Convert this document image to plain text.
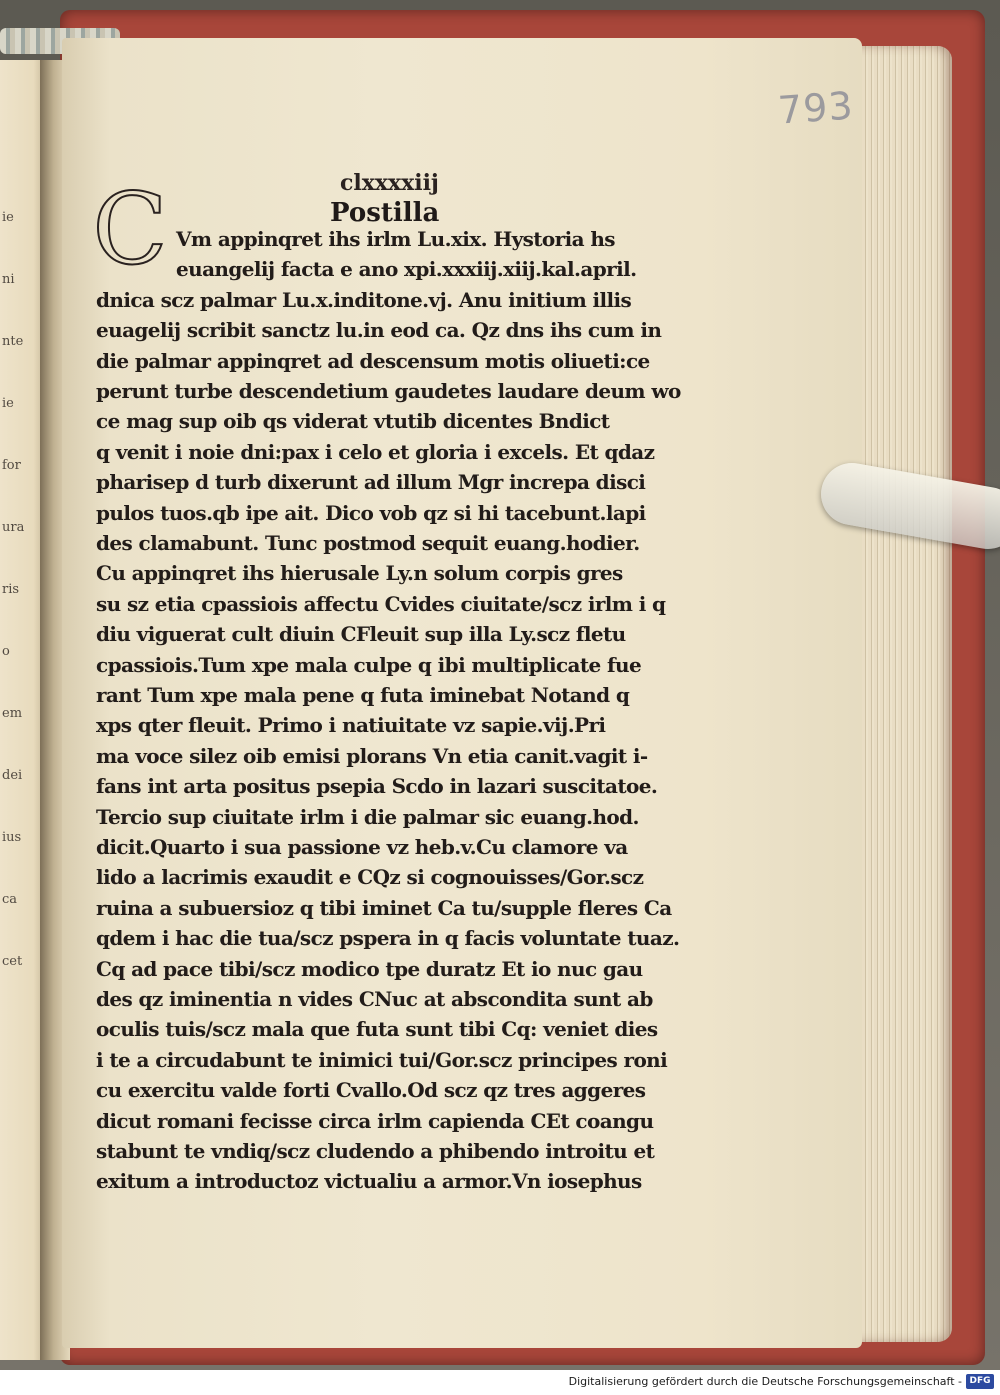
ie
ni
nte
ie
for
ura
ris
o
em
dei
ius
ca
cet
793
clxxxxiij
Postilla
C Vm appinqret ihs irlm Lu.xix. Hystoria hs
euangelij facta e ano xpi.xxxiij.xiij.kal.april.
dnica scz palmar Lu.x.inditone.vj. Anu initium illis
euagelij scribit sanctz lu.in eod ca. Qz dns ihs cum in
die palmar appinqret ad descensum motis oliueti:ce
perunt turbe descendetium gaudetes laudare deum wo
ce mag sup oib qs viderat vtutib dicentes Bndict
q venit i noie dni:pax i celo et gloria i excels. Et qdaz
pharisep d turb dixerunt ad illum Mgr increpa disci
pulos tuos.qb ipe ait. Dico vob qz si hi tacebunt.lapi
des clamabunt. Tunc postmod sequit euang.hodier.
Cu appinqret ihs hierusale Ly.n solum corpis gres
su sz etia cpassiois affectu Cvides ciuitate/scz irlm i q
diu viguerat cult diuin CFleuit sup illa Ly.scz fletu
cpassiois.Tum xpe mala culpe q ibi multiplicate fue
rant Tum xpe mala pene q futa iminebat Notand q
xps qter fleuit. Primo i natiuitate vz sapie.vij.Pri
ma voce silez oib emisi plorans Vn etia canit.vagit i-
fans int arta positus psepia Scdo in lazari suscitatoe.
Tercio sup ciuitate irlm i die palmar sic euang.hod.
dicit.Quarto i sua passione vz heb.v.Cu clamore va
lido a lacrimis exaudit e CQz si cognouisses/Gor.scz
ruina a subuersioz q tibi iminet Ca tu/supple fleres Ca
qdem i hac die tua/scz pspera in q facis voluntate tuaz.
Cq ad pace tibi/scz modico tpe duratz Et io nuc gau
des qz iminentia n vides CNuc at abscondita sunt ab
oculis tuis/scz mala que futa sunt tibi Cq: veniet dies
i te a circudabunt te inimici tui/Gor.scz principes roni
cu exercitu valde forti Cvallo.Od scz qz tres aggeres
dicut romani fecisse circa irlm capienda CEt coangu
stabunt te vndiq/scz cludendo a phibendo introitu et
exitum a introductoz victualiu a armor.Vn iosephus
Digitalisierung gefördert durch die Deutsche Forschungsgemeinschaft - DFG
